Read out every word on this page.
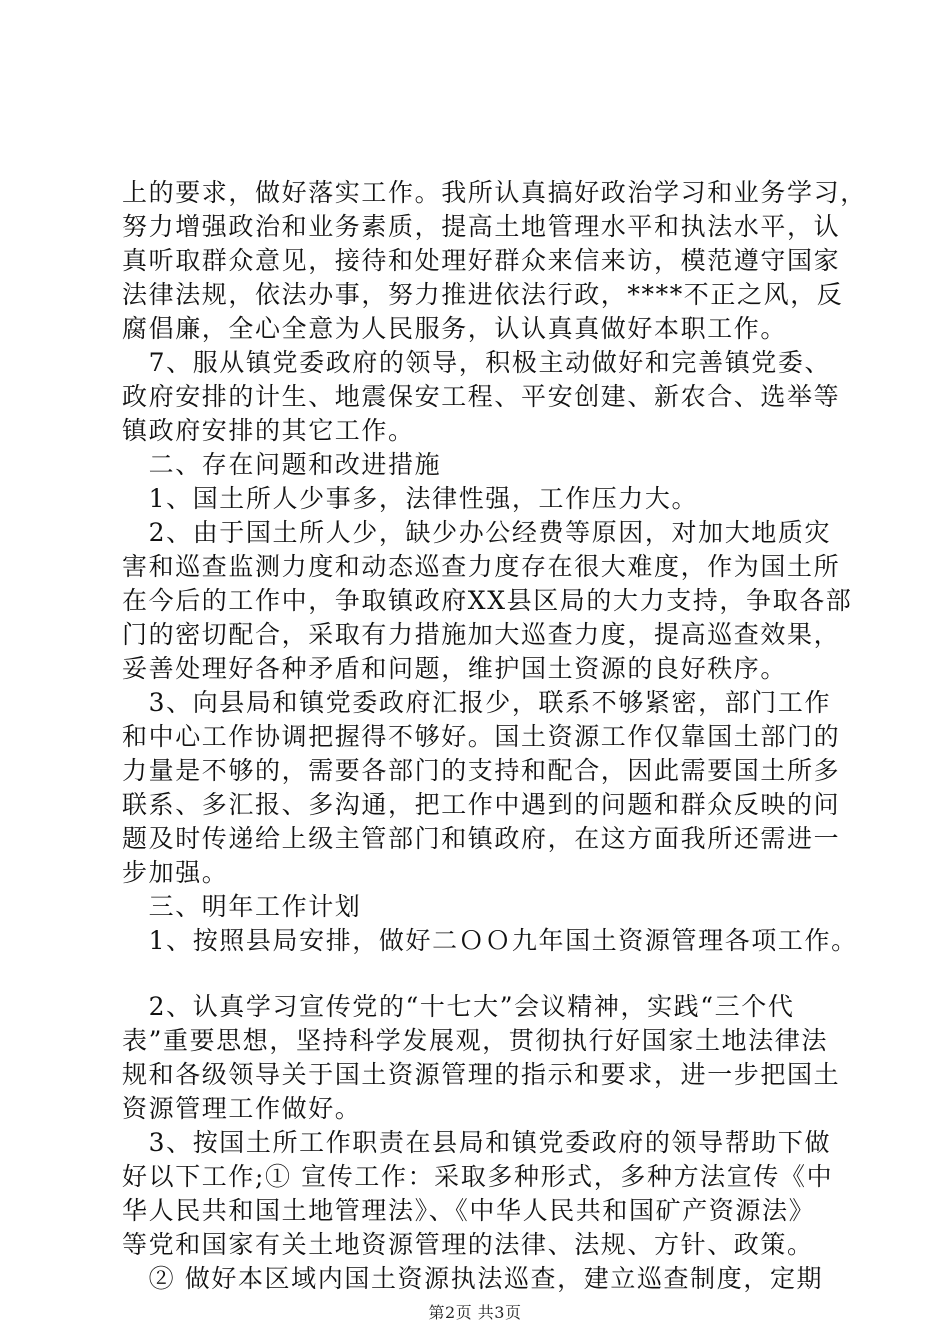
上的要求，做好落实工作。我所认真搞好政治学习和业务学习，
努力增强政治和业务素质，提高土地管理水平和执法水平，认
真听取群众意见，接待和处理好群众来信来访，模范遵守国家
法律法规，依法办事，努力推进依法行政，****不正之风，反
腐倡廉，全心全意为人民服务，认认真真做好本职工作。
　7、服从镇党委政府的领导，积极主动做好和完善镇党委、
政府安排的计生、地震保安工程、平安创建、新农合、选举等
镇政府安排的其它工作。
　二、存在问题和改进措施
　1、国土所人少事多，法律性强，工作压力大。
　2、由于国土所人少，缺少办公经费等原因，对加大地质灾
害和巡查监测力度和动态巡查力度存在很大难度，作为国土所
在今后的工作中，争取镇政府XX县区局的大力支持，争取各部
门的密切配合，采取有力措施加大巡查力度，提高巡查效果，
妥善处理好各种矛盾和问题，维护国土资源的良好秩序。
　3、向县局和镇党委政府汇报少，联系不够紧密，部门工作
和中心工作协调把握得不够好。国土资源工作仅靠国土部门的
力量是不够的，需要各部门的支持和配合，因此需要国土所多
联系、多汇报、多沟通，把工作中遇到的问题和群众反映的问
题及时传递给上级主管部门和镇政府，在这方面我所还需进一
步加强。
　三、明年工作计划
　1、按照县局安排，做好二ＯＯ九年国土资源管理各项工作。
　2、认真学习宣传党的“十七大”会议精神，实践“三个代
表”重要思想，坚持科学发展观，贯彻执行好国家土地法律法
规和各级领导关于国土资源管理的指示和要求，进一步把国土
资源管理工作做好。
　3、按国土所工作职责在县局和镇党委政府的领导帮助下做
好以下工作;① 宣传工作：采取多种形式，多种方法宣传《中
华人民共和国土地管理法》、《中华人民共和国矿产资源法》
等党和国家有关土地资源管理的法律、法规、方针、政策。
　② 做好本区域内国土资源执法巡查，建立巡查制度，定期
第2页 共3页
